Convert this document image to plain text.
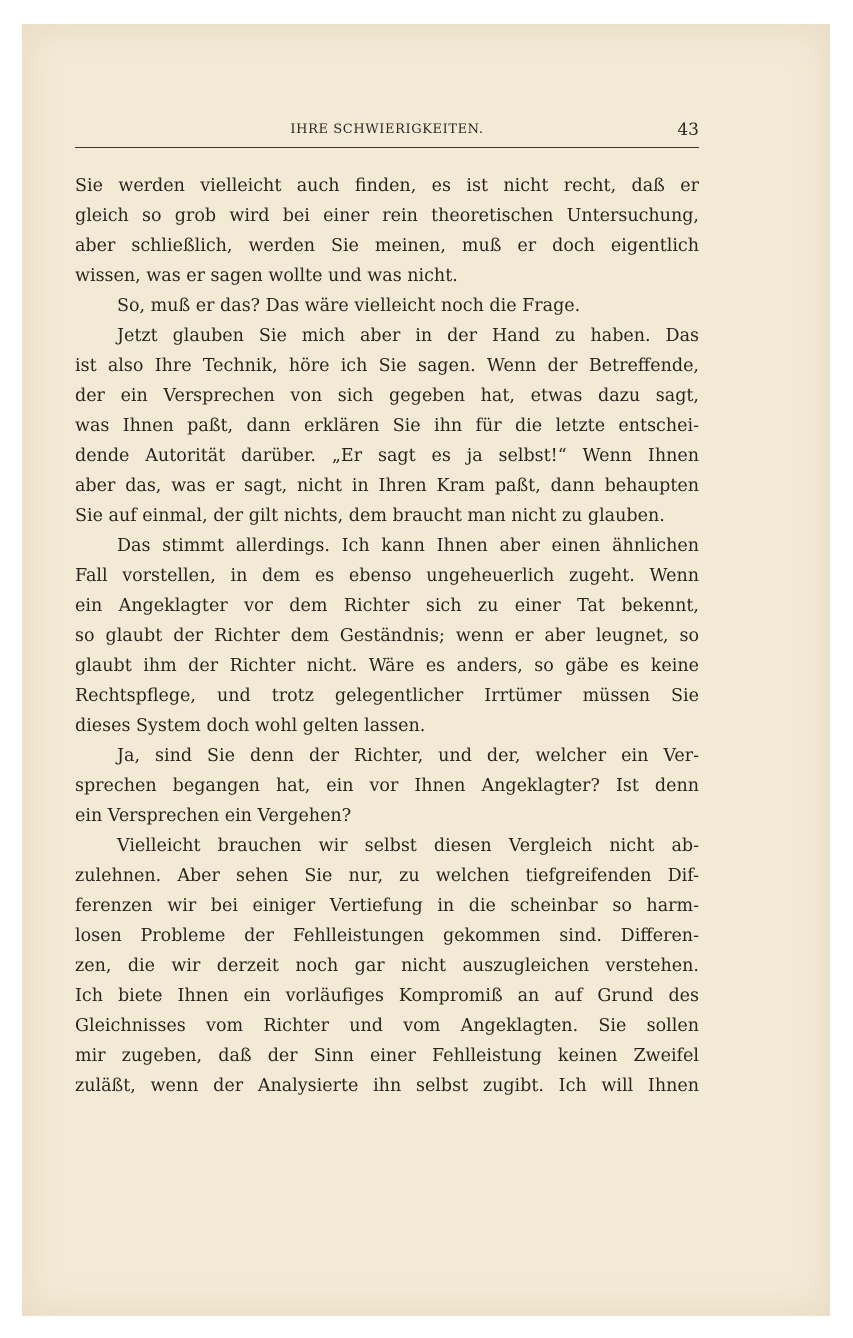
IHRE SCHWIERIGKEITEN.	43
Sie werden vielleicht auch finden, es ist nicht recht, daß er
gleich so grob wird bei einer rein theoretischen Untersuchung,
aber schließlich, werden Sie meinen, muß er doch eigentlich
wissen, was er sagen wollte und was nicht.
So, muß er das? Das wäre vielleicht noch die Frage.
Jetzt glauben Sie mich aber in der Hand zu haben. Das
ist also Ihre Technik, höre ich Sie sagen. Wenn der Betreffende,
der ein Versprechen von sich gegeben hat, etwas dazu sagt,
was Ihnen paßt, dann erklären Sie ihn für die letzte entschei-
dende Autorität darüber. „Er sagt es ja selbst!“ Wenn Ihnen
aber das, was er sagt, nicht in Ihren Kram paßt, dann behaupten
Sie auf einmal, der gilt nichts, dem braucht man nicht zu glauben.
Das stimmt allerdings. Ich kann Ihnen aber einen ähnlichen
Fall vorstellen, in dem es ebenso ungeheuerlich zugeht. Wenn
ein Angeklagter vor dem Richter sich zu einer Tat bekennt,
so glaubt der Richter dem Geständnis; wenn er aber leugnet, so
glaubt ihm der Richter nicht. Wäre es anders, so gäbe es keine
Rechtspflege, und trotz gelegentlicher Irrtümer müssen Sie
dieses System doch wohl gelten lassen.
Ja, sind Sie denn der Richter, und der, welcher ein Ver-
sprechen begangen hat, ein vor Ihnen Angeklagter? Ist denn
ein Versprechen ein Vergehen?
Vielleicht brauchen wir selbst diesen Vergleich nicht ab-
zulehnen. Aber sehen Sie nur, zu welchen tiefgreifenden Dif-
ferenzen wir bei einiger Vertiefung in die scheinbar so harm-
losen Probleme der Fehlleistungen gekommen sind. Differen-
zen, die wir derzeit noch gar nicht auszugleichen verstehen.
Ich biete Ihnen ein vorläufiges Kompromiß an auf Grund des
Gleichnisses vom Richter und vom Angeklagten. Sie sollen
mir zugeben, daß der Sinn einer Fehlleistung keinen Zweifel
zuläßt, wenn der Analysierte ihn selbst zugibt. Ich will Ihnen
